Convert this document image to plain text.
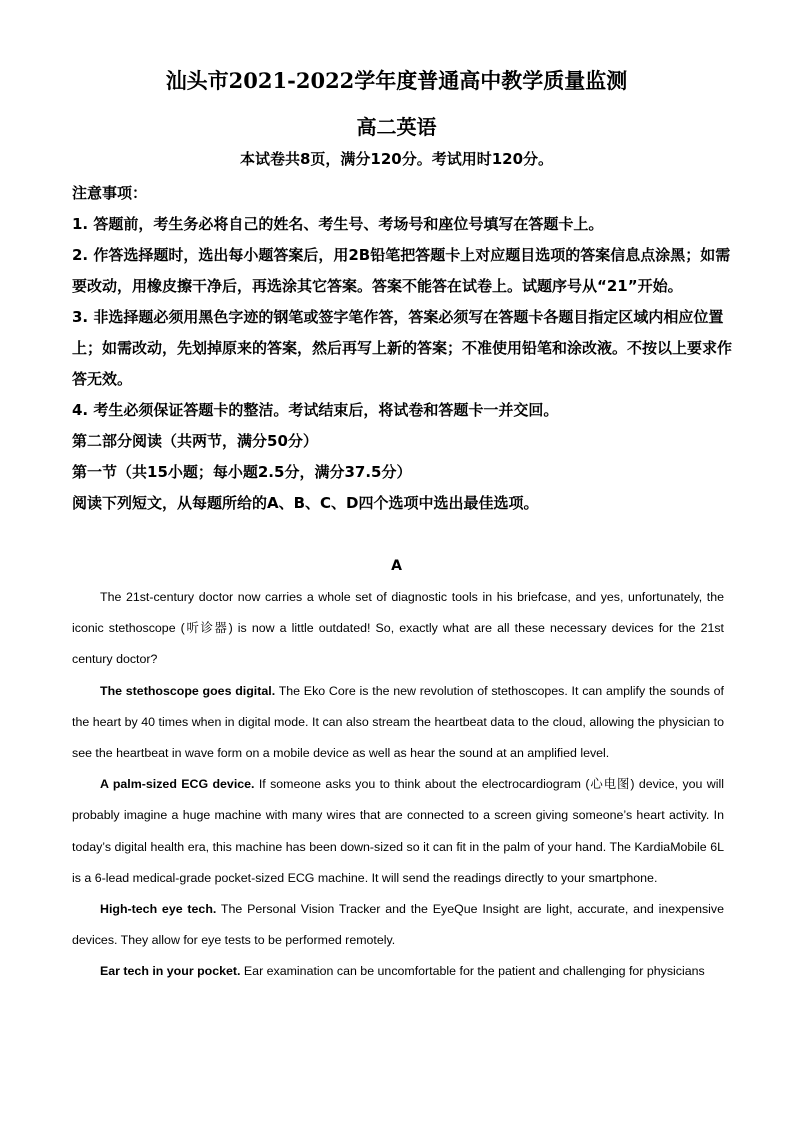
汕头市2021-2022学年度普通高中教学质量监测
高二英语
本试卷共8页，满分120分。考试用时120分。

注意事项：

1. 答题前，考生务必将自己的姓名、考生号、考场号和座位号填写在答题卡上。

2. 作答选择题时，选出每小题答案后，用2B铅笔把答题卡上对应题目选项的答案信息点涂黑；如需要改动，用橡皮擦干净后，再选涂其它答案。答案不能答在试卷上。试题序号从“21”开始。

3. 非选择题必须用黑色字迹的钢笔或签字笔作答，答案必须写在答题卡各题目指定区域内相应位置上；如需改动，先划掉原来的答案，然后再写上新的答案；不准使用铅笔和涂改液。不按以上要求作答无效。

4. 考生必须保证答题卡的整洁。考试结束后，将试卷和答题卡一并交回。

第二部分阅读（共两节，满分50分）

第一节（共15小题；每小题2.5分，满分37.5分）

阅读下列短文，从每题所给的A、B、C、D四个选项中选出最佳选项。

A

The 21st-century doctor now carries a whole set of diagnostic tools in his briefcase, and yes, unfortunately, the iconic stethoscope (听诊器) is now a little outdated! So, exactly what are all these necessary devices for the 21st century doctor?

The stethoscope goes digital. The Eko Core is the new revolution of stethoscopes. It can amplify the sounds of the heart by 40 times when in digital mode. It can also stream the heartbeat data to the cloud, allowing the physician to see the heartbeat in wave form on a mobile device as well as hear the sound at an amplified level.

A palm-sized ECG device. If someone asks you to think about the electrocardiogram (心电图) device, you will probably imagine a huge machine with many wires that are connected to a screen giving someone’s heart activity. In today’s digital health era, this machine has been down-sized so it can fit in the palm of your hand. The KardiaMobile 6L is a 6-lead medical-grade pocket-sized ECG machine. It will send the readings directly to your smartphone.

High-tech eye tech. The Personal Vision Tracker and the EyeQue Insight are light, accurate, and inexpensive devices. They allow for eye tests to be performed remotely.

Ear tech in your pocket. Ear examination can be uncomfortable for the patient and challenging for physicians
